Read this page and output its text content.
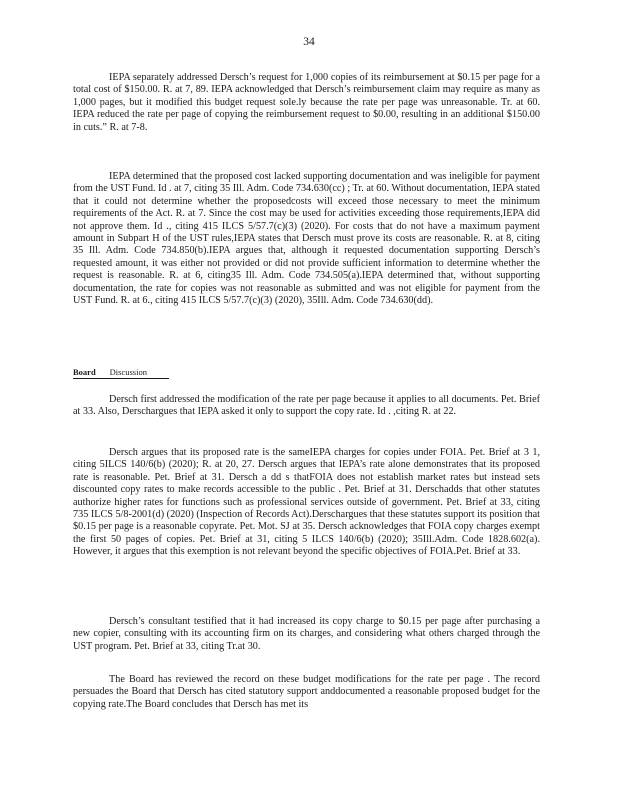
34

IEPA separately addressed Dersch’s request for 1,000 copies of its reimbursement at $0.15 per page for a total cost of $150.00. R. at 7, 89. IEPA acknowledged that Dersch’s reimbursement claim may require as many as 1,000 pages, but it modified this budget request sole.ly because the rate per page was unreasonable. Tr. at 60. IEPA reduced the rate per page of copying the reimbursement request to $0.00, resulting in an additional $150.00 in cuts.” R. at 7-8.

IEPA determined that the proposed cost lacked supporting documentation and was ineligible for payment from the UST Fund. Id . at 7, citing 35 Ill. Adm. Code 734.630(cc) ; Tr. at 60. Without documentation, IEPA stated that it could not determine whether the proposedcosts will exceed those necessary to meet the minimum requirements of the Act. R. at 7. Since the cost may be used for activities exceeding those requirements,IEPA did not approve them. Id ., citing 415 ILCS 5/57.7(c)(3) (2020). For costs that do not have a maximum payment amount in Subpart H of the UST rules,IEPA states that Dersch must prove its costs are reasonable. R. at 8, citing 35 Ill. Adm. Code 734.850(b).IEPA argues that, although it requested documentation supporting Dersch’s requested amount, it was either not provided or did not provide sufficient information to determine whether the request is reasonable. R. at 6, citing35 Ill. Adm. Code 734.505(a).IEPA determined that, without supporting documentation, the rate for copies was not reasonable as submitted and was not eligible for payment from the UST Fund. R. at 6., citing 415 ILCS 5/57.7(c)(3) (2020), 35Ill. Adm. Code 734.630(dd).

Board Discussion

Dersch first addressed the modification of the rate per page because it applies to all documents. Pet. Brief at 33. Also, Derschargues that IEPA asked it only to support the copy rate. Id . ,citing R. at 22.

Dersch argues that its proposed rate is the sameIEPA charges for copies under FOIA. Pet. Brief at 3 1, citing 5ILCS 140/6(b) (2020); R. at 20, 27. Dersch argues that IEPA’s rate alone demonstrates that its proposed rate is reasonable. Pet. Brief at 31. Dersch a dd s thatFOIA does not establish market rates but instead sets discounted copy rates to make records accessible to the public . Pet. Brief at 31. Derschadds that other statutes authorize higher rates for functions such as professional services outside of government. Pet. Brief at 33, citing 735 ILCS 5/8-2001(d) (2020) (Inspection of Records Act).Derschargues that these statutes support its position that $0.15 per page is a reasonable copyrate. Pet. Mot. SJ at 35. Dersch acknowledges that FOIA copy charges exempt the first 50 pages of copies. Pet. Brief at 31, citing 5 ILCS 140/6(b) (2020); 35Ill.Adm. Code 1828.602(a). However, it argues that this exemption is not relevant beyond the specific objectives of FOIA.Pet. Brief at 33.

Dersch’s consultant testified that it had increased its copy charge to $0.15 per page after purchasing a new copier, consulting with its accounting firm on its charges, and considering what others charged through the UST program. Pet. Brief at 33, citing Tr.at 30.

The Board has reviewed the record on these budget modifications for the rate per page . The record persuades the Board that Dersch has cited statutory support anddocumented a reasonable proposed budget for the copying rate.The Board concludes that Dersch has met its
